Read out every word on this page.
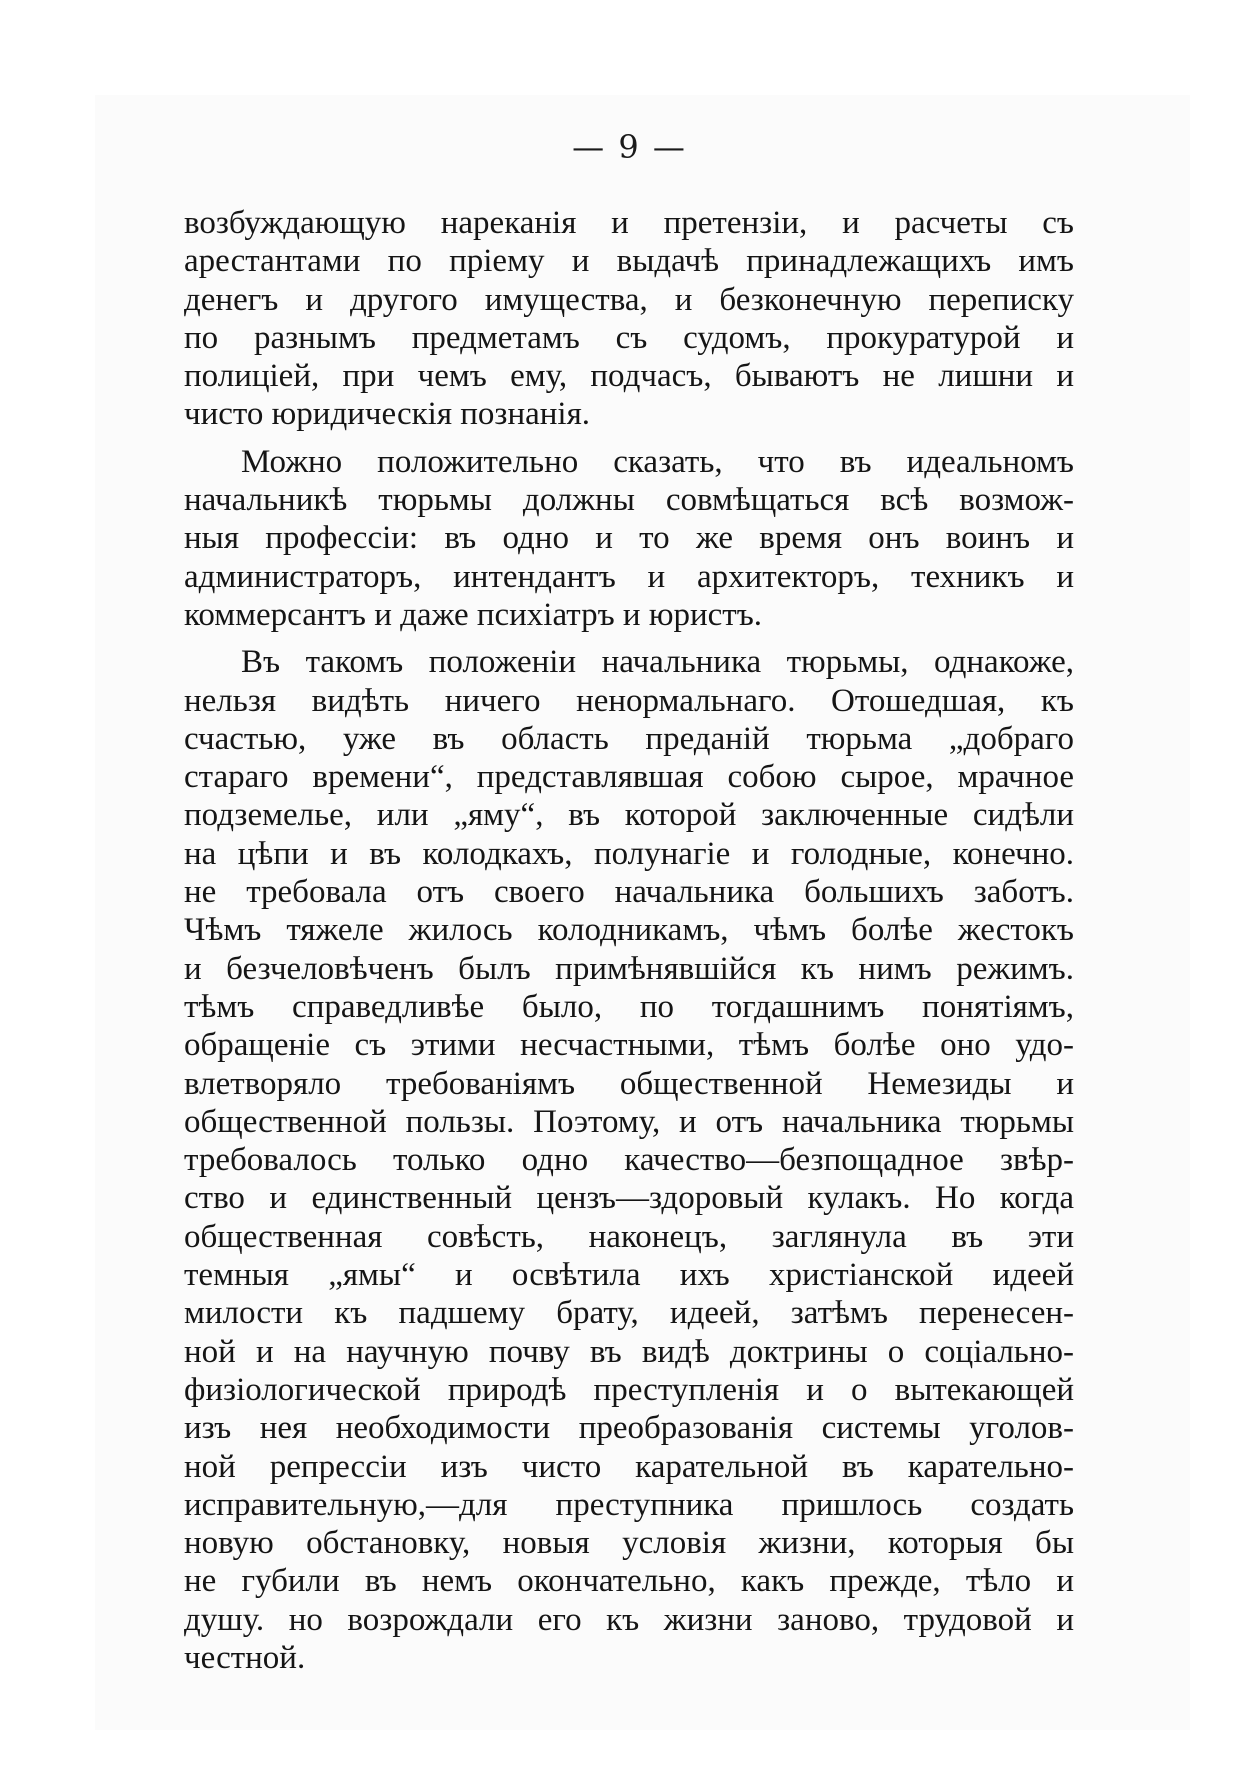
— 9 —
возбуждающую нареканія и претензіи, и расчеты съ
арестантами по пріему и выдачѣ принадлежащихъ имъ
денегъ и другого имущества, и безконечную переписку
по разнымъ предметамъ съ судомъ, прокуратурой и
полиціей, при чемъ ему, подчасъ, бываютъ не лишни и
чисто юридическія познанія.
Можно положительно сказать, что въ идеальномъ
начальникѣ тюрьмы должны совмѣщаться всѣ возмож-
ныя профессіи: въ одно и то же время онъ воинъ и
администраторъ, интендантъ и архитекторъ, техникъ и
коммерсантъ и даже психіатръ и юристъ.
Въ такомъ положеніи начальника тюрьмы, однакоже,
нельзя видѣть ничего ненормальнаго. Отошедшая, къ
счастью, уже въ область преданій тюрьма „добраго
стараго времени“, представлявшая собою сырое, мрачное
подземелье, или „яму“, въ которой заключенные сидѣли
на цѣпи и въ колодкахъ, полунагіе и голодные, конечно.
не требовала отъ своего начальника большихъ заботъ.
Чѣмъ тяжеле жилось колодникамъ, чѣмъ болѣе жестокъ
и безчеловѣченъ былъ примѣнявшійся къ нимъ режимъ.
тѣмъ справедливѣе было, по тогдашнимъ понятіямъ,
обращеніе съ этими несчастными, тѣмъ болѣе оно удо-
влетворяло требованіямъ общественной Немезиды и
общественной пользы. Поэтому, и отъ начальника тюрьмы
требовалось только одно качество—безпощадное звѣр-
ство и единственный цензъ—здоровый кулакъ. Но когда
общественная совѣсть, наконецъ, заглянула въ эти
темныя „ямы“ и освѣтила ихъ христіанской идеей
милости къ падшему брату, идеей, затѣмъ перенесен-
ной и на научную почву въ видѣ доктрины о соціально-
физіологической природѣ преступленія и о вытекающей
изъ нея необходимости преобразованія системы уголов-
ной репрессіи изъ чисто карательной въ карательно-
исправительную,—для преступника пришлось создать
новую обстановку, новыя условія жизни, которыя бы
не губили въ немъ окончательно, какъ прежде, тѣло и
душу. но возрождали его къ жизни заново, трудовой и
честной.
